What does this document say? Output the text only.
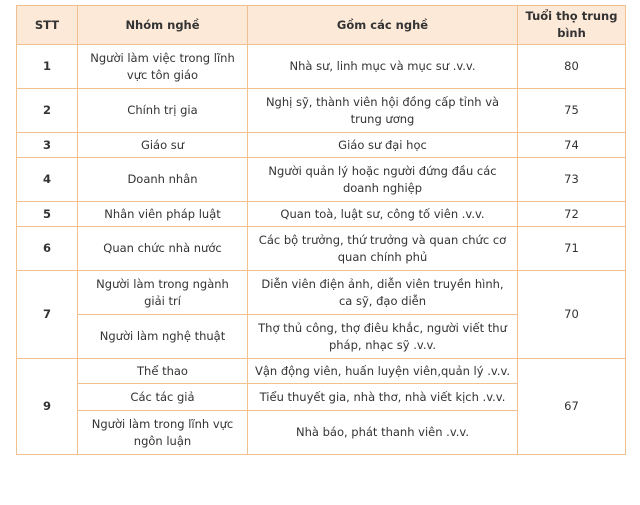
STT	Nhóm nghề	Gồm các nghề	Tuổi thọ trung bình
1	Người làm việc trong lĩnh vực tôn giáo	Nhà sư, linh mục và mục sư .v.v.	80
2	Chính trị gia	Nghị sỹ, thành viên hội đồng cấp tỉnh và trung ương	75
3	Giáo sư	Giáo sư đại học	74
4	Doanh nhân	Người quản lý hoặc người đứng đầu các doanh nghiệp	73
5	Nhân viên pháp luật	Quan toà, luật sư, công tố viên .v.v.	72
6	Quan chức nhà nước	Các bộ trưởng, thứ trưởng và quan chức cơ quan chính phủ	71
7	Người làm trong ngành giải trí	Diễn viên điện ảnh, diễn viên truyền hình, ca sỹ, đạo diễn	70
	Người làm nghệ thuật	Thợ thủ công, thợ điêu khắc, người viết thư pháp, nhạc sỹ .v.v.	
9	Thể thao	Vận động viên, huấn luyện viên,quản lý .v.v.	67
	Các tác giả	Tiểu thuyết gia, nhà thơ, nhà viết kịch .v.v.	
	Người làm trong lĩnh vực ngôn luận	Nhà báo, phát thanh viên .v.v.	
